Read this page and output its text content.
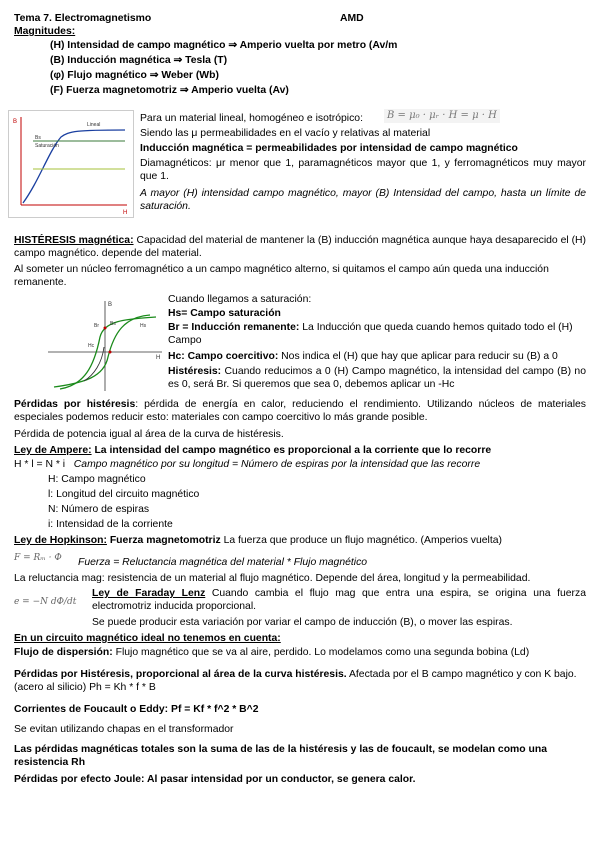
Tema 7. Electromagnetismo	AMD
Magnitudes:
(H) Intensidad de campo magnético ⇒ Amperio vuelta por metro (Av/m
(B) Inducción magnética ⇒ Tesla (T)
(φ) Flujo magnético ⇒ Weber (Wb)
(F) Fuerza magnetomotriz ⇒ Amperio vuelta (Av)
Bs
Saturación
Lineal
B
H
Para un material lineal, homogéneo e isotrópico:	B = μ₀ · μᵣ · H = μ · H
Siendo las μ permeabilidades en el vacío y relativas al material
Inducción magnética = permeabilidades por intensidad de campo magnético
Diamagnéticos: μr menor que 1, paramagnéticos mayor que 1, y ferromagnéticos muy mayor que 1.
A mayor (H) intensidad campo magnético, mayor (B) Intensidad del campo, hasta un límite de saturación.
HISTÉRESIS magnética: Capacidad del material de mantener la (B) inducción magnética aunque haya desaparecido el (H) campo magnético. depende del material.
Al someter un núcleo ferromagnético a un campo magnético alterno, si quitamos el campo aún queda una inducción remanente.
B
H
Br
Hc
Hs
Bs
Cuando llegamos a saturación:
Hs= Campo saturación
Br = Inducción remanente: La Inducción que queda cuando hemos quitado todo el (H) Campo
Hc: Campo coercitivo: Nos indica el (H) que hay que aplicar para reducir su (B) a 0
Histéresis: Cuando reducimos a 0 (H) Campo magnético, la intensidad del campo (B) no es 0, será Br. Si queremos que sea 0, debemos aplicar un -Hc
Pérdidas por histéresis: pérdida de energía en calor, reduciendo el rendimiento. Utilizando núcleos de materiales especiales podemos reducir esto: materiales con campo coercitivo lo más grande posible.
Pérdida de potencia igual al área de la curva de histéresis.
Ley de Ampere: La intensidad del campo magnético es proporcional a la corriente que lo recorre
H * l = N * i Campo magnético por su longitud = Número de espiras por la intensidad que las recorre
H: Campo magnético
l: Longitud del circuito magnético
N: Número de espiras
i: Intensidad de la corriente
Ley de Hopkinson: Fuerza magnetomotriz La fuerza que produce un flujo magnético. (Amperios vuelta)
F = Rₘ · Φ Fuerza = Reluctancia magnética del material * Flujo magnético
La reluctancia mag: resistencia de un material al flujo magnético. Depende del área, longitud y la permeabilidad.
e = −N dΦ/dt
Ley de Faraday Lenz Cuando cambia el flujo mag que entra una espira, se origina una fuerza electromotriz inducida proporcional.
Se puede producir esta variación por variar el campo de inducción (B), o mover las espiras.
En un circuito magnético ideal no tenemos en cuenta:
Flujo de dispersión: Flujo magnético que se va al aire, perdido. Lo modelamos como una segunda bobina (Ld)
Pérdidas por Histéresis, proporcional al área de la curva histéresis. Afectada por el B campo magnético y con K bajo. (acero al silicio) Ph = Kh * f * B
Corrientes de Foucault o Eddy: Pf = Kf * f^2 * B^2
Se evitan utilizando chapas en el transformador
Las pérdidas magnéticas totales son la suma de las de la histéresis y las de foucault, se modelan como una resistencia Rh
Pérdidas por efecto Joule: Al pasar intensidad por un conductor, se genera calor.
